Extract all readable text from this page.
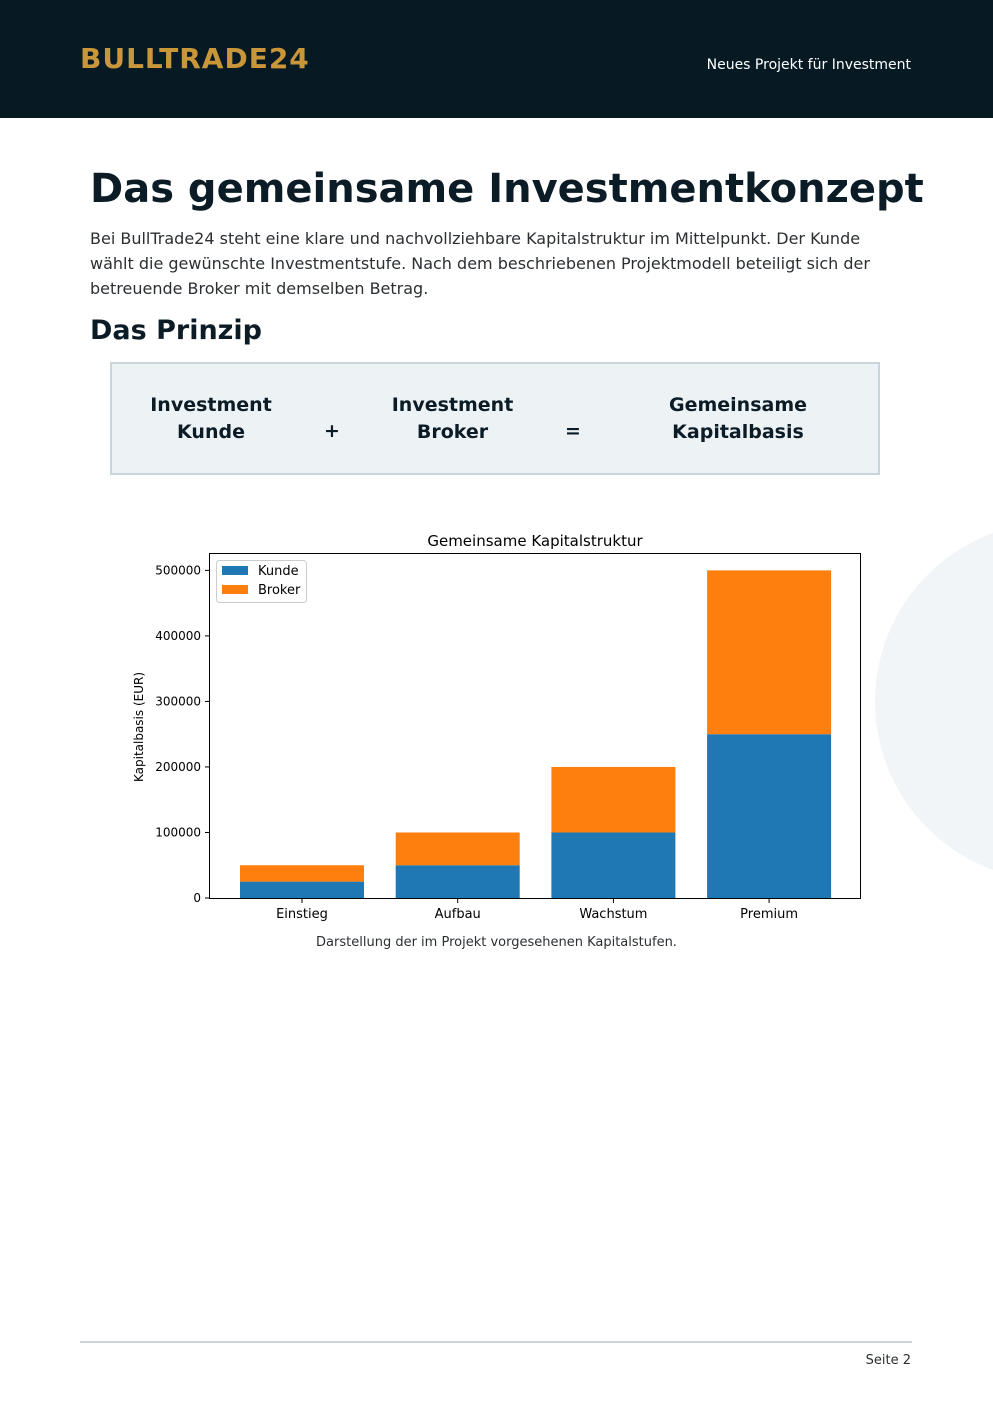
BULLTRADE24	Neues Projekt für Investment
Das gemeinsame Investmentkonzept

Bei BullTrade24 steht eine klare und nachvollziehbare Kapitalstruktur im Mittelpunkt. Der Kunde wählt die gewünschte Investmentstufe. Nach dem beschriebenen Projektmodell beteiligt sich der betreuende Broker mit demselben Betrag.

Das Prinzip
Investment
Kunde	+
Investment
Broker	=
Gemeinsame
Kapitalbasis
Gemeinsame Kapitalstruktur
Kapitalbasis (EUR)
0
100000
200000
300000
400000
500000
Einstieg	Aufbau	Wachstum	Premium
Kunde
Broker
Darstellung der im Projekt vorgesehenen Kapitalstufen.
Seite 2
